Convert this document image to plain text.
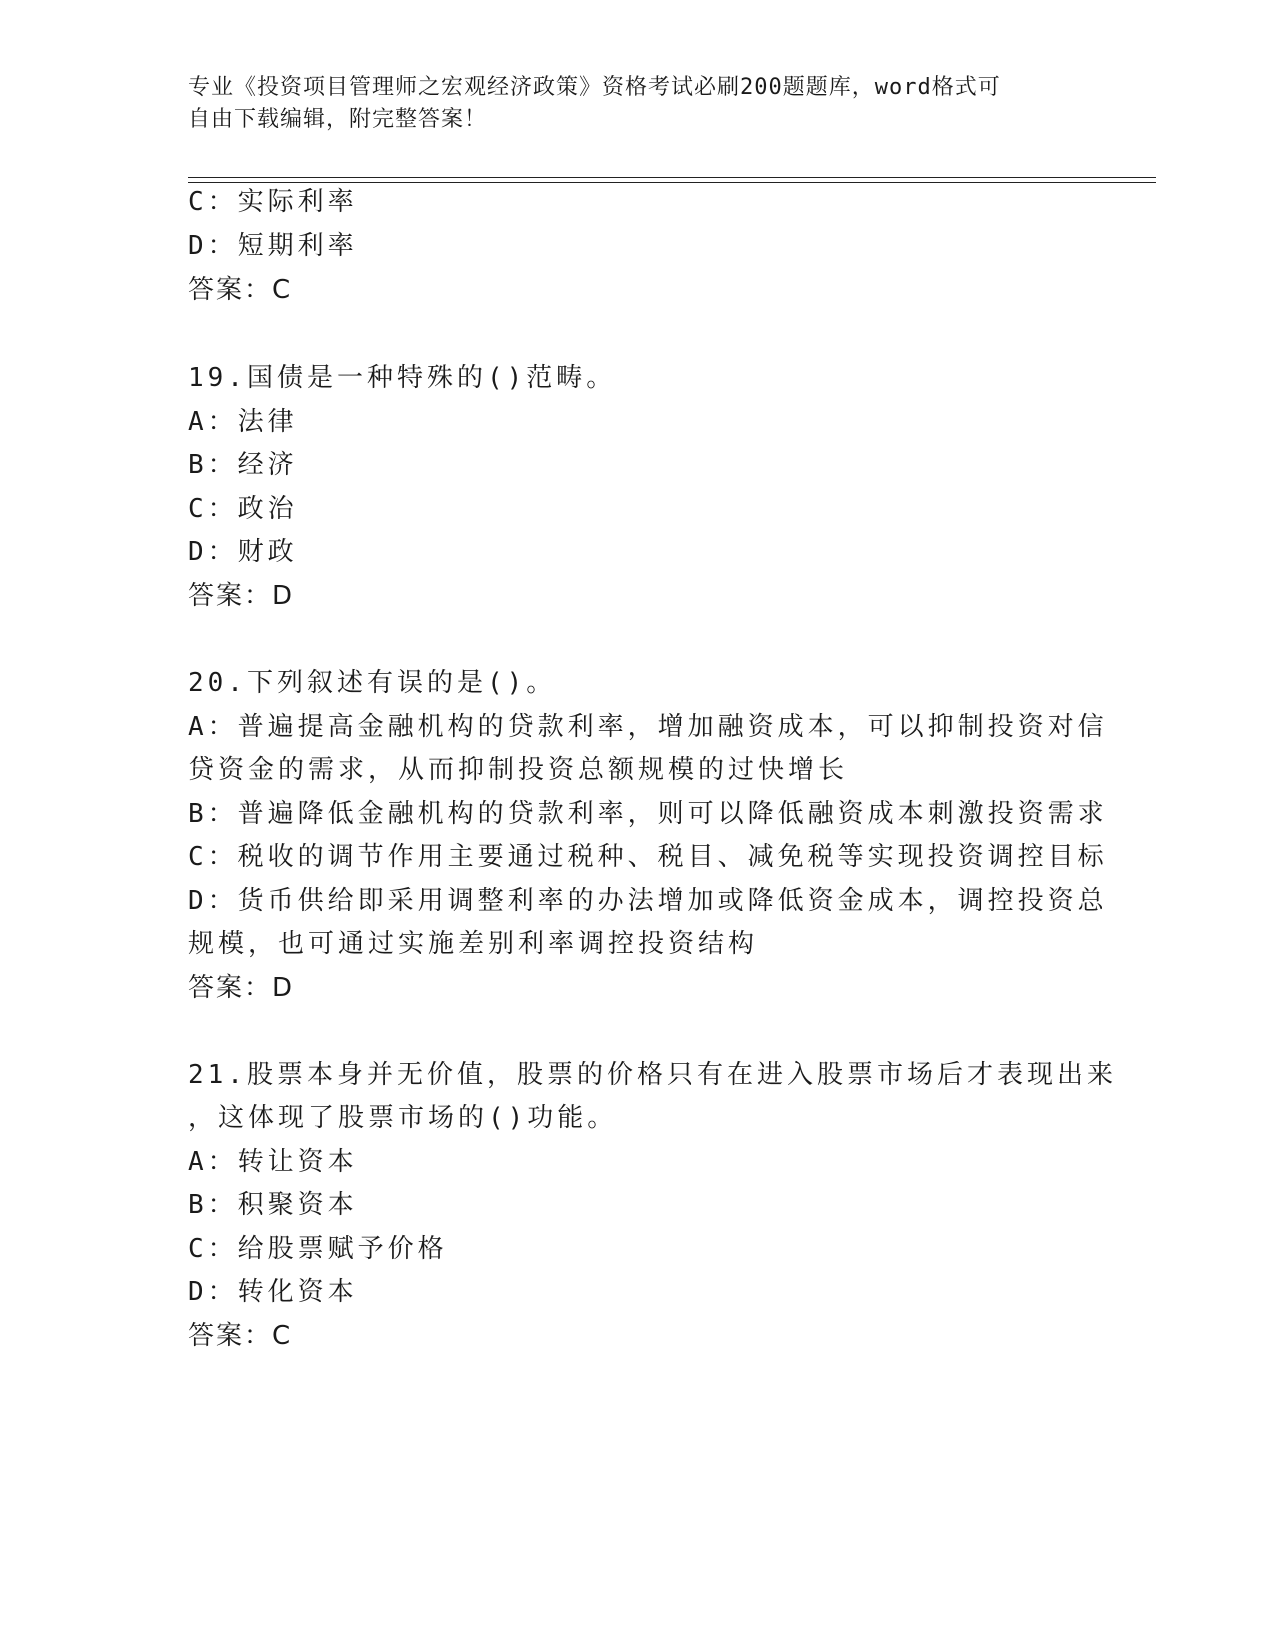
专业《投资项目管理师之宏观经济政策》资格考试必刷200题题库，word格式可
自由下载编辑，附完整答案！
C：实际利率
D：短期利率
答案：C
19.国债是一种特殊的()范畴。
A：法律
B：经济
C：政治
D：财政
答案：D
20.下列叙述有误的是()。
A：普遍提高金融机构的贷款利率，增加融资成本，可以抑制投资对信
贷资金的需求，从而抑制投资总额规模的过快增长
B：普遍降低金融机构的贷款利率，则可以降低融资成本刺激投资需求
C：税收的调节作用主要通过税种、税目、减免税等实现投资调控目标
D：货币供给即采用调整利率的办法增加或降低资金成本，调控投资总
规模，也可通过实施差别利率调控投资结构
答案：D
21.股票本身并无价值，股票的价格只有在进入股票市场后才表现出来
，这体现了股票市场的()功能。
A：转让资本
B：积聚资本
C：给股票赋予价格
D：转化资本
答案：C
